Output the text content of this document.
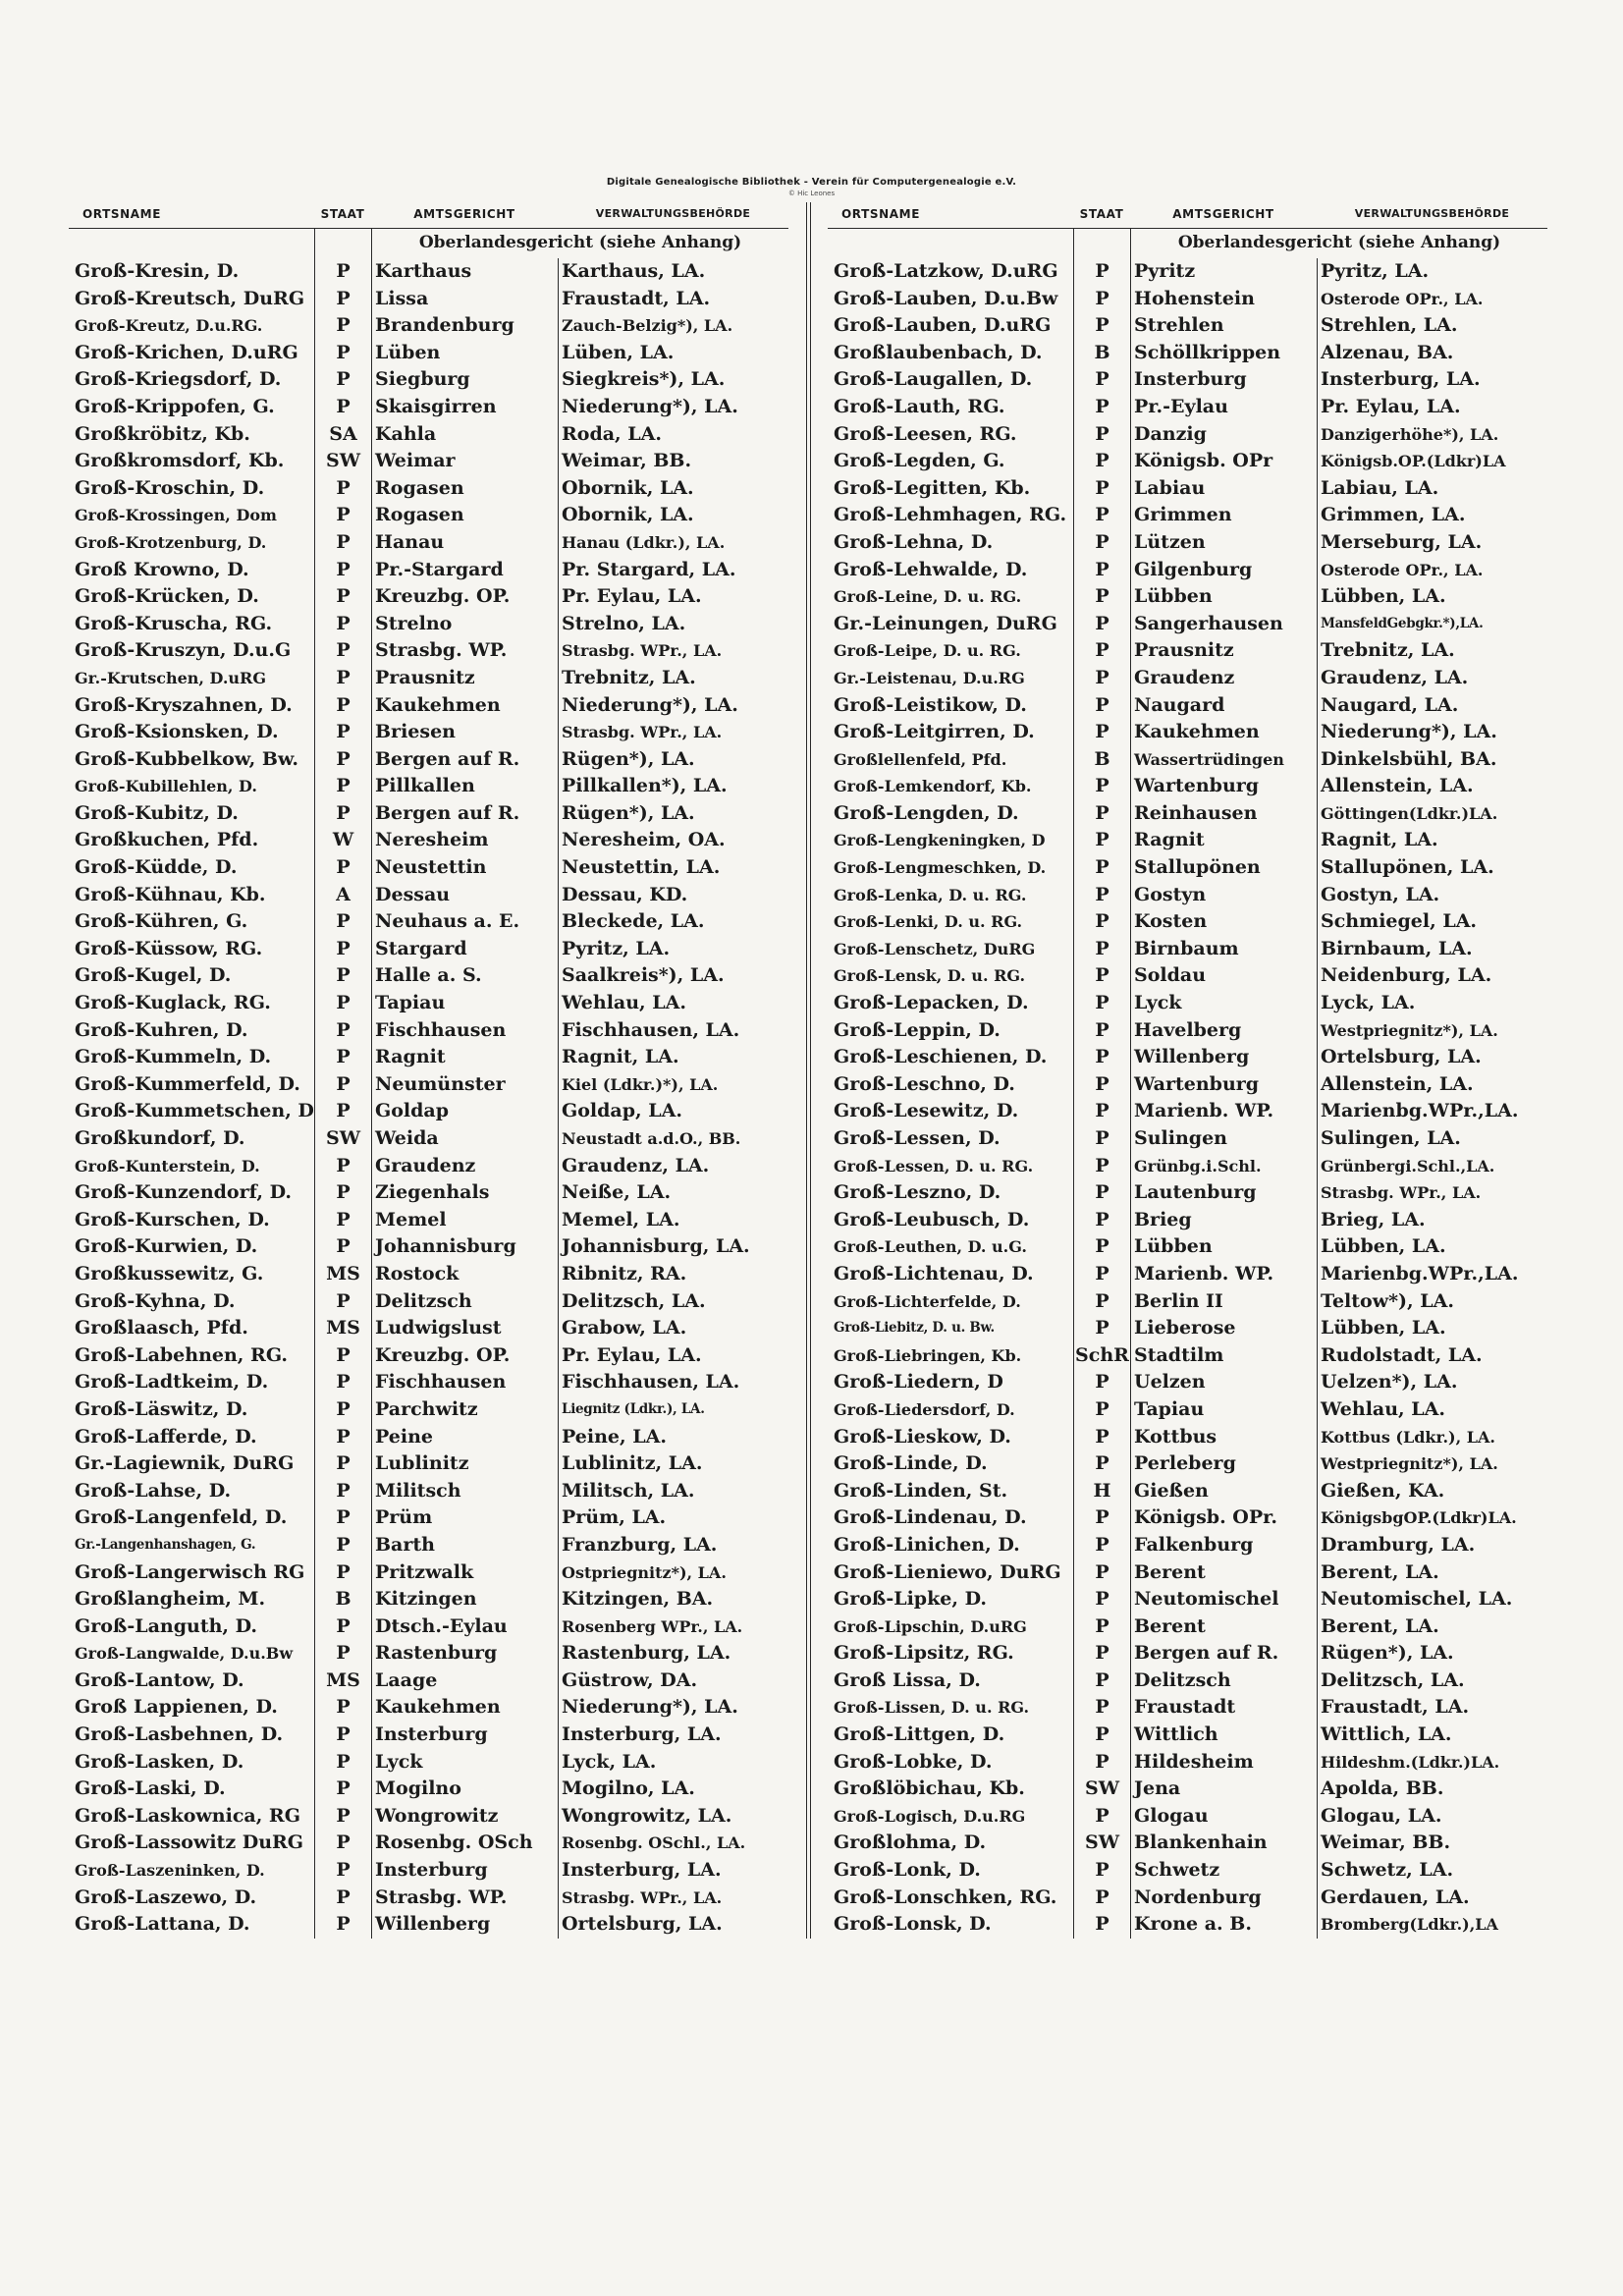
Digitale Genealogische Bibliothek - Verein für Computergenealogie e.V.
© Hic Leones
ORTSNAME	STAAT	AMTSGERICHT	VERWALTUNGSBEHÖRDE
Oberlandesgericht (siehe Anhang)
Groß-Kresin, D.	P	Karthaus	Karthaus, LA.
Groß-Kreutsch, DuRG	P	Lissa	Fraustadt, LA.
Groß-Kreutz, D.u.RG.	P	Brandenburg	Zauch-Belzig*), LA.
Groß-Krichen, D.uRG	P	Lüben	Lüben, LA.
Groß-Kriegsdorf, D.	P	Siegburg	Siegkreis*), LA.
Groß-Krippofen, G.	P	Skaisgirren	Niederung*), LA.
Großkröbitz, Kb.	SA Kahla	Roda, LA.
Großkromsdorf, Kb.	SW Weimar	Weimar, BB.
Groß-Kroschin, D.	P	Rogasen	Obornik, LA.
Groß-Krossingen, Dom	P	Rogasen	Obornik, LA.
Groß-Krotzenburg, D.	P	Hanau	Hanau (Ldkr.), LA.
Groß Krowno, D.	P	Pr.-Stargard	Pr. Stargard, LA.
Groß-Krücken, D.	P	Kreuzbg. OP.	Pr. Eylau, LA.
Groß-Kruscha, RG.	P	Strelno	Strelno, LA.
Groß-Kruszyn, D.u.G	P	Strasbg. WP.	Strasbg. WPr., LA.
Gr.-Krutschen, D.uRG	P	Prausnitz	Trebnitz, LA.
Groß-Kryszahnen, D.	P	Kaukehmen	Niederung*), LA.
Groß-Ksionsken, D.	P	Briesen	Strasbg. WPr., LA.
Groß-Kubbelkow, Bw.	P	Bergen auf R.	Rügen*), LA.
Groß-Kubillehlen, D.	P	Pillkallen	Pillkallen*), LA.
Groß-Kubitz, D.	P	Bergen auf R.	Rügen*), LA.
Großkuchen, Pfd.	W	Neresheim	Neresheim, OA.
Groß-Küdde, D.	P	Neustettin	Neustettin, LA.
Groß-Kühnau, Kb.	A	Dessau	Dessau, KD.
Groß-Kühren, G.	P	Neuhaus a. E.	Bleckede, LA.
Groß-Küssow, RG.	P	Stargard	Pyritz, LA.
Groß-Kugel, D.	P	Halle a. S.	Saalkreis*), LA.
Groß-Kuglack, RG.	P	Tapiau	Wehlau, LA.
Groß-Kuhren, D.	P	Fischhausen	Fischhausen, LA.
Groß-Kummeln, D.	P	Ragnit	Ragnit, LA.
Groß-Kummerfeld, D.	P	Neumünster	Kiel (Ldkr.)*), LA.
Groß-Kummetschen, D	P	Goldap	Goldap, LA.
Großkundorf, D.	SW Weida	Neustadt a.d.O., BB.
Groß-Kunterstein, D.	P	Graudenz	Graudenz, LA.
Groß-Kunzendorf, D.	P	Ziegenhals	Neiße, LA.
Groß-Kurschen, D.	P	Memel	Memel, LA.
Groß-Kurwien, D.	P	Johannisburg	Johannisburg, LA.
Großkussewitz, G.	MS Rostock	Ribnitz, RA.
Groß-Kyhna, D.	P	Delitzsch	Delitzsch, LA.
Großlaasch, Pfd.	MS Ludwigslust	Grabow, LA.
Groß-Labehnen, RG.	P	Kreuzbg. OP.	Pr. Eylau, LA.
Groß-Ladtkeim, D.	P	Fischhausen	Fischhausen, LA.
Groß-Läswitz, D.	P	Parchwitz	Liegnitz (Ldkr.), LA.
Groß-Lafferde, D.	P	Peine	Peine, LA.
Gr.-Lagiewnik, DuRG	P	Lublinitz	Lublinitz, LA.
Groß-Lahse, D.	P	Militsch	Militsch, LA.
Groß-Langenfeld, D.	P	Prüm	Prüm, LA.
Gr.-Langenhanshagen, G.	P	Barth	Franzburg, LA.
Groß-Langerwisch RG	P	Pritzwalk	Ostpriegnitz*), LA.
Großlangheim, M.	B	Kitzingen	Kitzingen, BA.
Groß-Languth, D.	P	Dtsch.-Eylau	Rosenberg WPr., LA.
Groß-Langwalde, D.u.Bw	P	Rastenburg	Rastenburg, LA.
Groß-Lantow, D.	MS Laage	Güstrow, DA.
Groß Lappienen, D.	P	Kaukehmen	Niederung*), LA.
Groß-Lasbehnen, D.	P	Insterburg	Insterburg, LA.
Groß-Lasken, D.	P	Lyck	Lyck, LA.
Groß-Laski, D.	P	Mogilno	Mogilno, LA.
Groß-Laskownica, RG	P	Wongrowitz	Wongrowitz, LA.
Groß-Lassowitz DuRG	P	Rosenbg. OSch	Rosenbg. OSchl., LA.
Groß-Laszeninken, D.	P	Insterburg	Insterburg, LA.
Groß-Laszewo, D.	P	Strasbg. WP.	Strasbg. WPr., LA.
Groß-Lattana, D.	P	Willenberg	Ortelsburg, LA.
ORTSNAME	STAAT	AMTSGERICHT	VERWALTUNGSBEHÖRDE
Oberlandesgericht (siehe Anhang)
Groß-Latzkow, D.uRG	P	Pyritz	Pyritz, LA.
Groß-Lauben, D.u.Bw	P	Hohenstein	Osterode OPr., LA.
Groß-Lauben, D.uRG	P	Strehlen	Strehlen, LA.
Großlaubenbach, D.	B	Schöllkrippen	Alzenau, BA.
Groß-Laugallen, D.	P	Insterburg	Insterburg, LA.
Groß-Lauth, RG.	P	Pr.-Eylau	Pr. Eylau, LA.
Groß-Leesen, RG.	P	Danzig	Danzigerhöhe*), LA.
Groß-Legden, G.	P	Königsb. OPr	Königsb.OP.(Ldkr)LA
Groß-Legitten, Kb.	P	Labiau	Labiau, LA.
Groß-Lehmhagen, RG.	P	Grimmen	Grimmen, LA.
Groß-Lehna, D.	P	Lützen	Merseburg, LA.
Groß-Lehwalde, D.	P	Gilgenburg	Osterode OPr., LA.
Groß-Leine, D. u. RG.	P	Lübben	Lübben, LA.
Gr.-Leinungen, DuRG	P	Sangerhausen	MansfeldGebgkr.*),LA.
Groß-Leipe, D. u. RG.	P	Prausnitz	Trebnitz, LA.
Gr.-Leistenau, D.u.RG	P	Graudenz	Graudenz, LA.
Groß-Leistikow, D.	P	Naugard	Naugard, LA.
Groß-Leitgirren, D.	P	Kaukehmen	Niederung*), LA.
Großlellenfeld, Pfd.	B	Wassertrüdingen	Dinkelsbühl, BA.
Groß-Lemkendorf, Kb.	P	Wartenburg	Allenstein, LA.
Groß-Lengden, D.	P	Reinhausen	Göttingen(Ldkr.)LA.
Groß-Lengkeningken, D	P	Ragnit	Ragnit, LA.
Groß-Lengmeschken, D.	P	Stallupönen	Stallupönen, LA.
Groß-Lenka, D. u. RG.	P	Gostyn	Gostyn, LA.
Groß-Lenki, D. u. RG.	P	Kosten	Schmiegel, LA.
Groß-Lenschetz, DuRG	P	Birnbaum	Birnbaum, LA.
Groß-Lensk, D. u. RG.	P	Soldau	Neidenburg, LA.
Groß-Lepacken, D.	P	Lyck	Lyck, LA.
Groß-Leppin, D.	P	Havelberg	Westpriegnitz*), LA.
Groß-Leschienen, D.	P	Willenberg	Ortelsburg, LA.
Groß-Leschno, D.	P	Wartenburg	Allenstein, LA.
Groß-Lesewitz, D.	P	Marienb. WP.	Marienbg.WPr.,LA.
Groß-Lessen, D.	P	Sulingen	Sulingen, LA.
Groß-Lessen, D. u. RG.	P	Grünbg.i.Schl.	Grünbergi.Schl.,LA.
Groß-Leszno, D.	P	Lautenburg	Strasbg. WPr., LA.
Groß-Leubusch, D.	P	Brieg	Brieg, LA.
Groß-Leuthen, D. u.G.	P	Lübben	Lübben, LA.
Groß-Lichtenau, D.	P	Marienb. WP.	Marienbg.WPr.,LA.
Groß-Lichterfelde, D.	P	Berlin II	Teltow*), LA.
Groß-Liebitz, D. u. Bw.	P	Lieberose	Lübben, LA.
Groß-Liebringen, Kb.	SchR Stadtilm	Rudolstadt, LA.
Groß-Liedern, D	P	Uelzen	Uelzen*), LA.
Groß-Liedersdorf, D.	P	Tapiau	Wehlau, LA.
Groß-Lieskow, D.	P	Kottbus	Kottbus (Ldkr.), LA.
Groß-Linde, D.	P	Perleberg	Westpriegnitz*), LA.
Groß-Linden, St.	H	Gießen	Gießen, KA.
Groß-Lindenau, D.	P	Königsb. OPr.	KönigsbgOP.(Ldkr)LA.
Groß-Linichen, D.	P	Falkenburg	Dramburg, LA.
Groß-Lieniewo, DuRG	P	Berent	Berent, LA.
Groß-Lipke, D.	P	Neutomischel	Neutomischel, LA.
Groß-Lipschin, D.uRG	P	Berent	Berent, LA.
Groß-Lipsitz, RG.	P	Bergen auf R.	Rügen*), LA.
Groß Lissa, D.	P	Delitzsch	Delitzsch, LA.
Groß-Lissen, D. u. RG.	P	Fraustadt	Fraustadt, LA.
Groß-Littgen, D.	P	Wittlich	Wittlich, LA.
Groß-Lobke, D.	P	Hildesheim	Hildeshm.(Ldkr.)LA.
Großlöbichau, Kb.	SW Jena	Apolda, BB.
Groß-Logisch, D.u.RG	P	Glogau	Glogau, LA.
Großlohma, D.	SW Blankenhain	Weimar, BB.
Groß-Lonk, D.	P	Schwetz	Schwetz, LA.
Groß-Lonschken, RG.	P	Nordenburg	Gerdauen, LA.
Groß-Lonsk, D.	P	Krone a. B.	Bromberg(Ldkr.),LA
